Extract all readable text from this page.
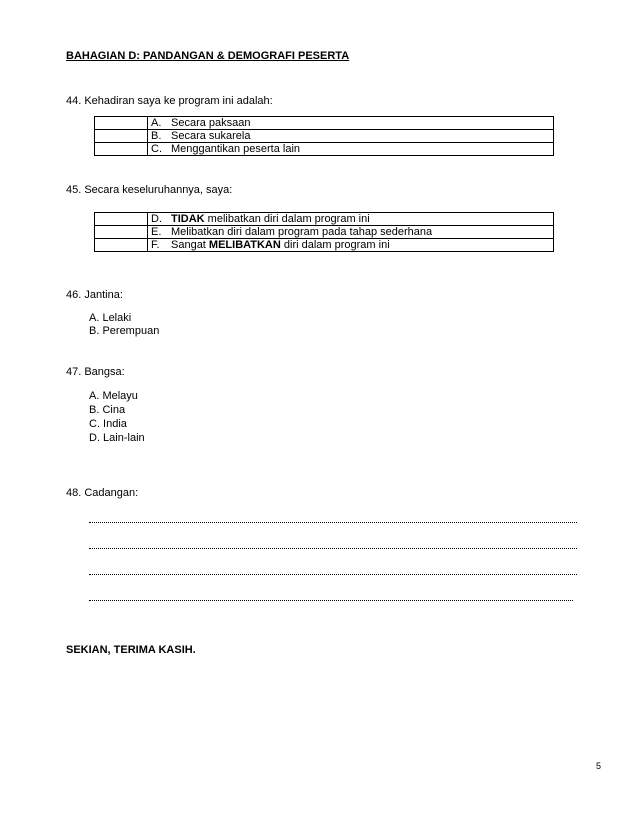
BAHAGIAN D: PANDANGAN & DEMOGRAFI PESERTA
44. Kehadiran saya ke program ini adalah:
	A. Secara paksaan
	B. Secara sukarela
	C. Menggantikan peserta lain
45. Secara keseluruhannya, saya:
	D. TIDAK melibatkan diri dalam program ini
	E. Melibatkan diri dalam program pada tahap sederhana
	F. Sangat MELIBATKAN diri dalam program ini
46. Jantina:
A. Lelaki
B. Perempuan
47. Bangsa:
A. Melayu
B. Cina
C. India
D. Lain-lain
48. Cadangan:
SEKIAN, TERIMA KASIH.
5
